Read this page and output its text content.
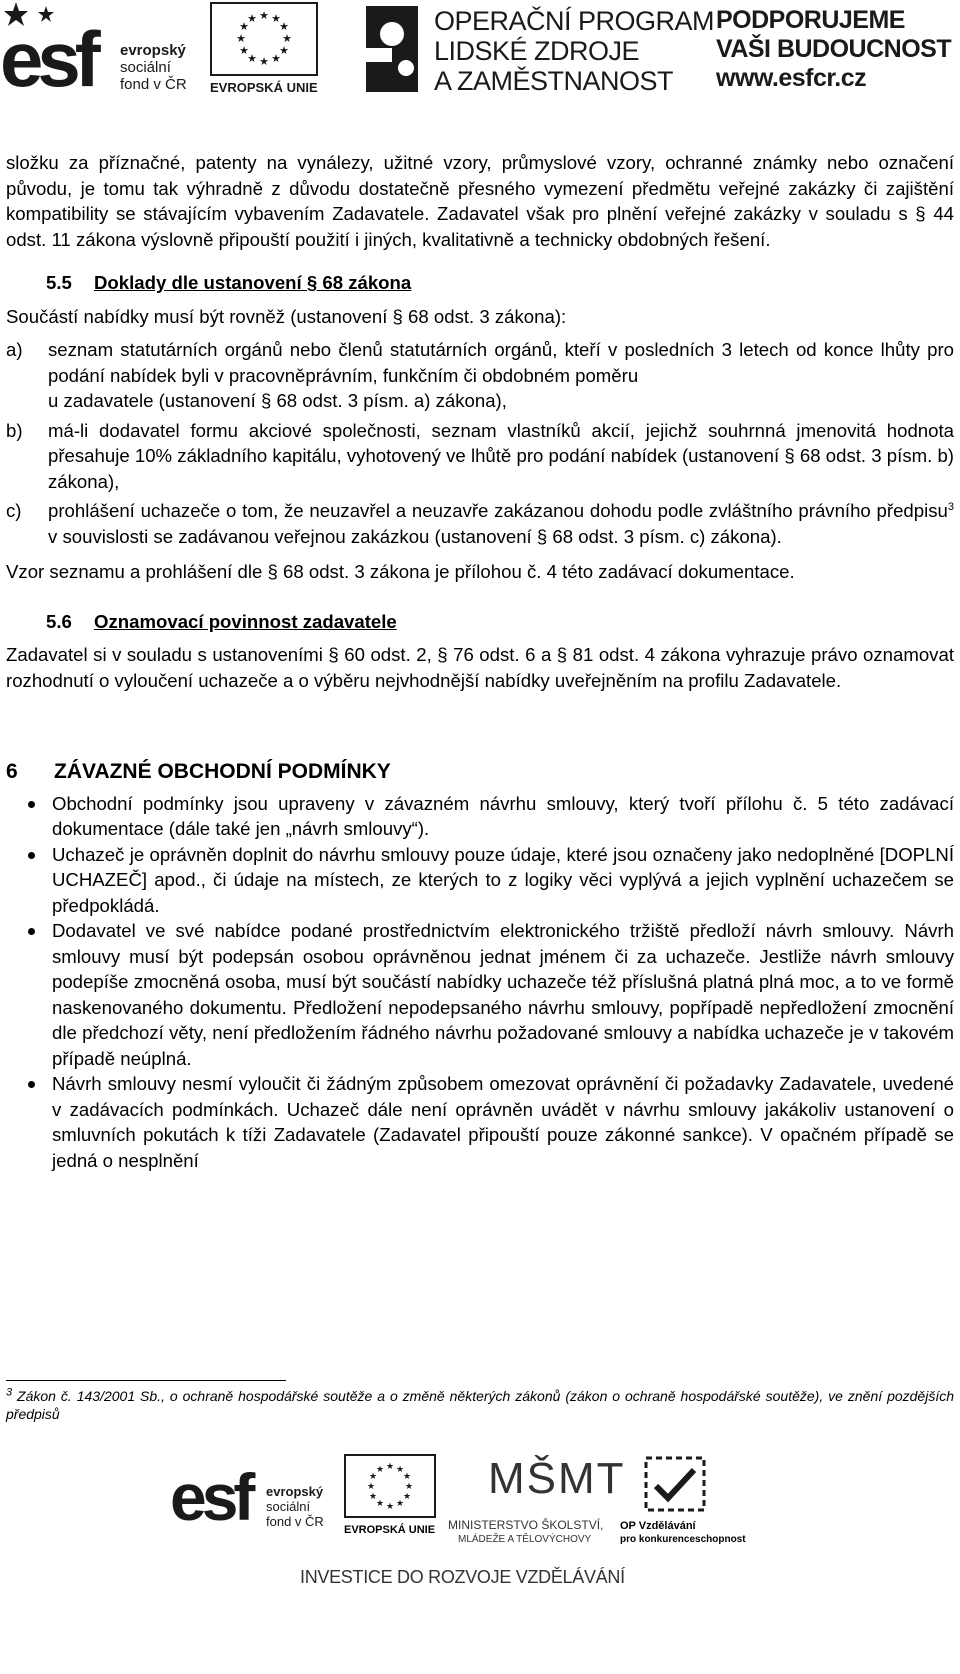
esf evropský
sociální
fond v ČR
★ ★
★
★
★
★
★
★
★
★
★
★
EVROPSKÁ UNIE
OPERAČNÍ PROGRAM
LIDSKÉ ZDROJE
A ZAMĚSTNANOST
PODPORUJEME
VAŠI BUDOUCNOST
www.esfcr.cz

složku za příznačné, patenty na vynálezy, užitné vzory, průmyslové vzory, ochranné známky nebo označení původu, je tomu tak výhradně z důvodu dostatečně přesného vymezení předmětu veřejné zakázky či zajištění kompatibility se stávajícím vybavením Zadavatele. Zadavatel však pro plnění veřejné zakázky v souladu s § 44 odst. 11 zákona výslovně připouští použití i jiných, kvalitativně a technicky obdobných řešení.

5.5 Doklady dle ustanovení § 68 zákona

Součástí nabídky musí být rovněž (ustanovení § 68 odst. 3 zákona):

a)	seznam statutárních orgánů nebo členů statutárních orgánů, kteří v posledních 3 letech od konce lhůty pro podání nabídek byli v pracovněprávním, funkčním či obdobném poměru
u zadavatele (ustanovení § 68 odst. 3 písm. a) zákona),
b)	má-li dodavatel formu akciové společnosti, seznam vlastníků akcií, jejichž souhrnná jmenovitá hodnota přesahuje 10% základního kapitálu, vyhotovený ve lhůtě pro podání nabídek (ustanovení § 68 odst. 3 písm. b) zákona),
c)	prohlášení uchazeče o tom, že neuzavřel a neuzavře zakázanou dohodu podle zvláštního právního předpisu$^3$ v souvislosti se zadávanou veřejnou zakázkou (ustanovení § 68 odst. 3 písm. c) zákona).

Vzor seznamu a prohlášení dle § 68 odst. 3 zákona je přílohou č. 4 této zadávací dokumentace.

5.6 Oznamovací povinnost zadavatele

Zadavatel si v souladu s ustanoveními § 60 odst. 2, § 76 odst. 6 a § 81 odst. 4 zákona vyhrazuje právo oznamovat rozhodnutí o vyloučení uchazeče a o výběru nejvhodnější nabídky uveřejněním na profilu Zadavatele.

6 ZÁVAZNÉ OBCHODNÍ PODMÍNKY
Obchodní podmínky jsou upraveny v závazném návrhu smlouvy, který tvoří přílohu č. 5 této zadávací dokumentace (dále také jen „návrh smlouvy“).
Uchazeč je oprávněn doplnit do návrhu smlouvy pouze údaje, které jsou označeny jako nedoplněné [DOPLNÍ UCHAZEČ] apod., či údaje na místech, ze kterých to z logiky věci vyplývá a jejich vyplnění uchazečem se předpokládá.
Dodavatel ve své nabídce podané prostřednictvím elektronického tržiště předloží návrh smlouvy. Návrh smlouvy musí být podepsán osobou oprávněnou jednat jménem či za uchazeče. Jestliže návrh smlouvy podepíše zmocněná osoba, musí být součástí nabídky uchazeče též příslušná platná plná moc, a to ve formě naskenovaného dokumentu. Předložení nepodepsaného návrhu smlouvy, popřípadě nepředložení zmocnění dle předchozí věty, není předložením řádného návrhu požadované smlouvy a nabídka uchazeče je v takovém případě neúplná.
Návrh smlouvy nesmí vyloučit či žádným způsobem omezovat oprávnění či požadavky Zadavatele, uvedené v zadávacích podmínkách. Uchazeč dále není oprávněn uvádět v návrhu smlouvy jakákoliv ustanovení o smluvních pokutách k tíži Zadavatele (Zadavatel připouští pouze zákonné sankce). V opačném případě se jedná o nesplnění
$^3$ Zákon č. 143/2001 Sb., o ochraně hospodářské soutěže a o změně některých zákonů (zákon o ochraně hospodářské soutěže), ve znění pozdějších předpisů
esf evropský
sociální
fond v ČR
★ ★
★
★
★
★
★
★
★
★
★
★
EVROPSKÁ UNIE
MŠMT
MINISTERSTVO ŠKOLSTVÍ,
MLÁDEŽE A TĚLOVÝCHOVY
OP Vzdělávání
pro konkurenceschopnost
INVESTICE DO ROZVOJE VZDĚLÁVÁNÍ
